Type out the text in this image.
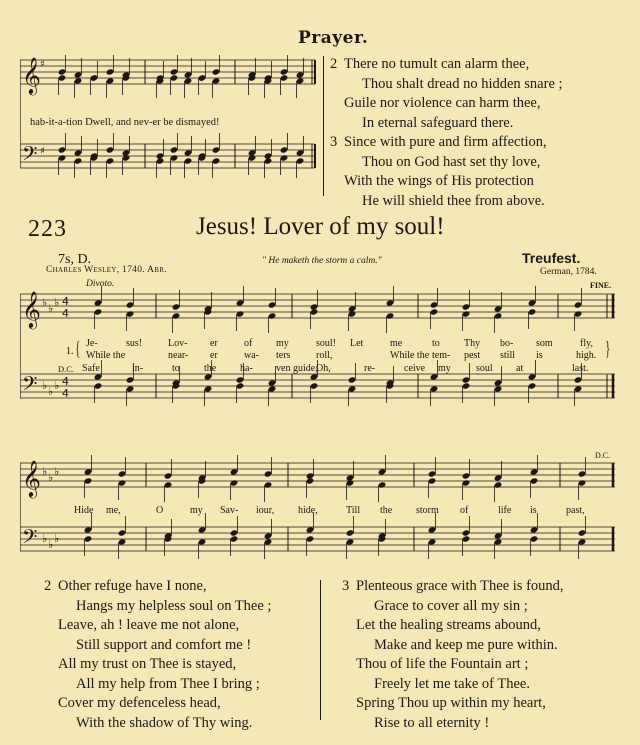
Prayer.
𝄞
𝄢
♯
♯
hab-it-a-tion Dwell, and nev-er be dismayed!
2 There no tumult can alarm thee,
Thou shalt dread no hidden snare ;
Guile nor violence can harm thee,
In eternal safeguard there.
3 Since with pure and firm affection,
Thou on God hast set thy love,
With the wings of His protection
He will shield thee from above.
223	Jesus! Lover of my soul!
7s, D.
Charles Wesley, 1740. Abr.
" He maketh the storm a calm."	Treufest.
German, 1784.
Divoto.	FINE.
D.C.
𝄞
𝄢
♭
♭
♭
♭
♭
♭
4
4
4
4
𝄞
𝄢
♭
♭
♭
♭
♭
♭
1.
D.C.
{	}
Je-	sus!	Lov- er	of my	soul! Let	me	to Thy bo- som	fly,
While the	near- er	wa- ters	roll,	While the tem- pest still is	high.
Safe	in-	to the ha- ven guide,
Oh,	re-	ceive my	soul at	last.
Hide me,	O	my Sav- iour, hide,	Till the storm of	life is	past,
2 Other refuge have I none,
Hangs my helpless soul on Thee ;
Leave, ah ! leave me not alone,
Still support and comfort me !
All my trust on Thee is stayed,
All my help from Thee I bring ;
Cover my defenceless head,
With the shadow of Thy wing.
3 Plenteous grace with Thee is found,
Grace to cover all my sin ;
Let the healing streams abound,
Make and keep me pure within.
Thou of life the Fountain art ;
Freely let me take of Thee.
Spring Thou up within my heart,
Rise to all eternity !
